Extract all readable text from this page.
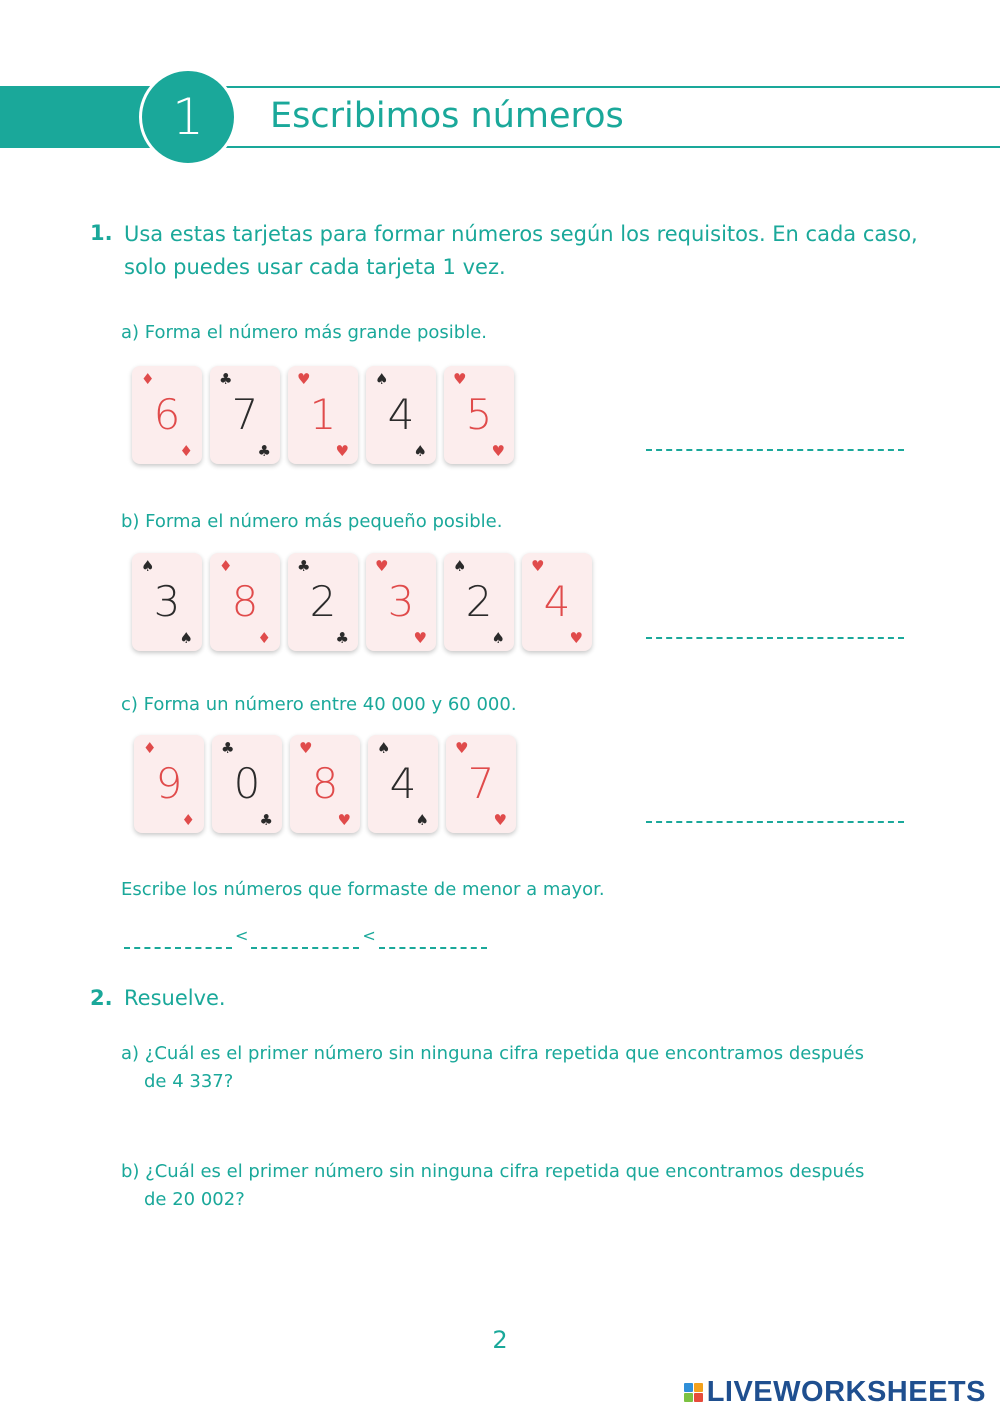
1	Escribimos números
1. Usa estas tarjetas para formar números según los requisitos. En cada caso,
solo puedes usar cada tarjeta 1 vez.
a) Forma el número más grande posible.
♦
6
♦
♣
7
♣
♥
1
♥
♠
4
♠
♥
5
♥
b) Forma el número más pequeño posible.
♠
3
♠
♦
8
♦
♣
2
♣
♥
3
♥
♠
2
♠
♥
4
♥
c) Forma un número entre 40 000 y 60 000.
♦
9
♦
♣
0
♣
♥
8
♥
♠
4
♠
♥
7
♥
Escribe los números que formaste de menor a mayor.
<	<
2. Resuelve.
a) ¿Cuál es el primer número sin ninguna cifra repetida que encontramos después
de 4 337?
b) ¿Cuál es el primer número sin ninguna cifra repetida que encontramos después
de 20 002?
2
LIVEWORKSHEETS
